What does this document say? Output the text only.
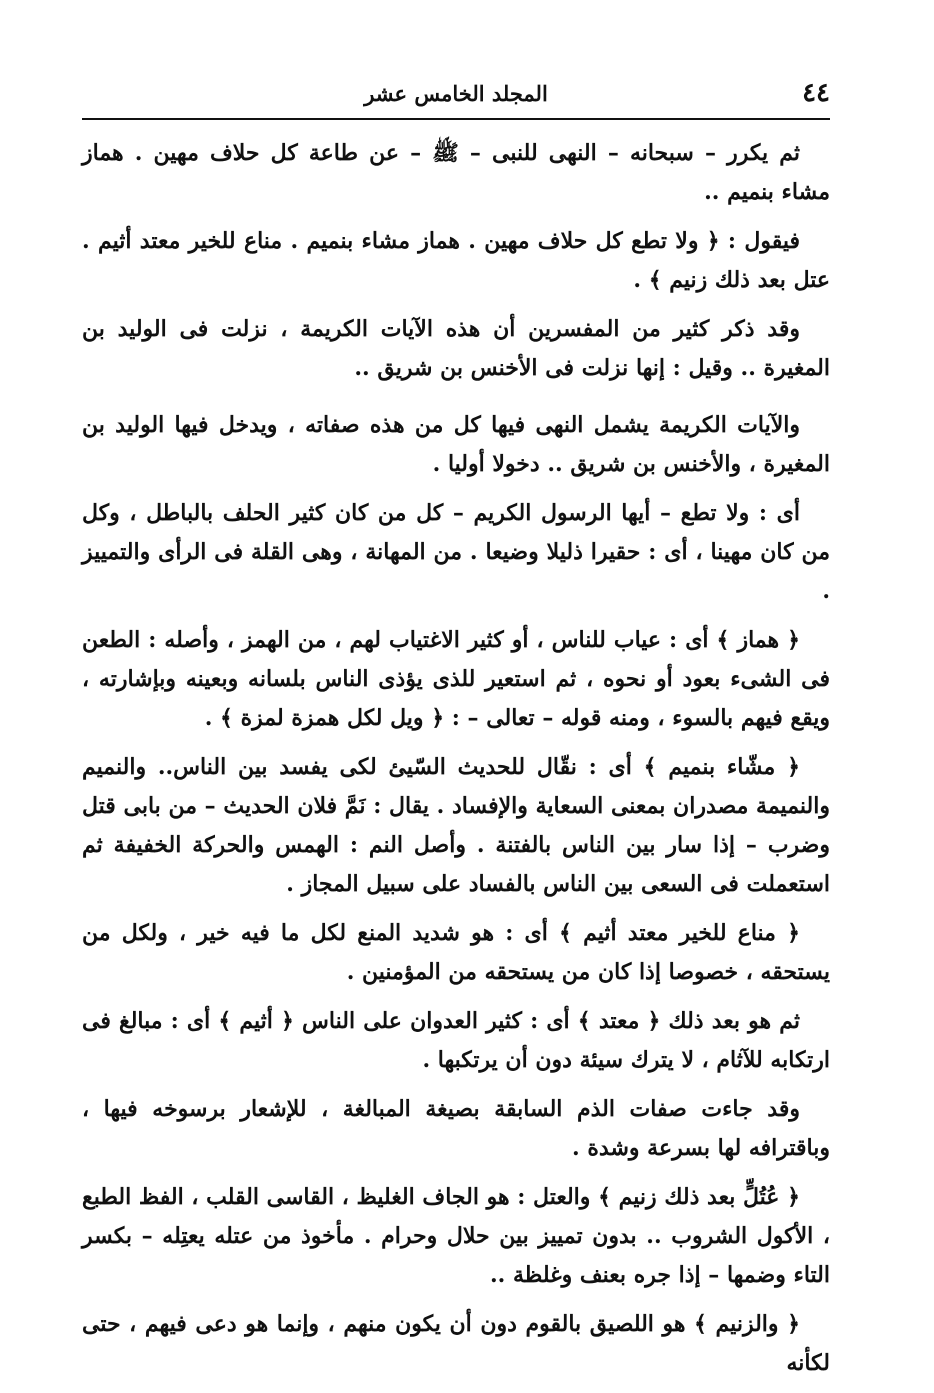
٤٤
المجلد الخامس عشر

ثم يكرر – سبحانه – النهى للنبى – ﷺ – عن طاعة كل حلاف مهين . هماز مشاء بنميم ..

فيقول : ﴿ ولا تطع كل حلاف مهين . هماز مشاء بنميم . مناع للخير معتد أثيم . عتل بعد ذلك زنيم ﴾ .

وقد ذكر كثير من المفسرين أن هذه الآيات الكريمة ، نزلت فى الوليد بن المغيرة .. وقيل : إنها نزلت فى الأخنس بن شريق ..

والآيات الكريمة يشمل النهى فيها كل من هذه صفاته ، ويدخل فيها الوليد بن المغيرة ، والأخنس بن شريق .. دخولا أوليا .

أى : ولا تطع – أيها الرسول الكريم – كل من كان كثير الحلف بالباطل ، وكل من كان مهينا ، أى : حقيرا ذليلا وضيعا . من المهانة ، وهى القلة فى الرأى والتمييز .

﴿ هماز ﴾ أى : عياب للناس ، أو كثير الاغتياب لهم ، من الهمز ، وأصله : الطعن فى الشىء بعود أو نحوه ، ثم استعير للذى يؤذى الناس بلسانه وبعينه وبإشارته ، ويقع فيهم بالسوء ، ومنه قوله – تعالى – : ﴿ ويل لكل همزة لمزة ﴾ .

﴿ مشّاء بنميم ﴾ أى : نقّال للحديث السّيئ لكى يفسد بين الناس.. والنميم والنميمة مصدران بمعنى السعاية والإفساد . يقال : نَمَّ فلان الحديث – من بابى قتل وضرب – إذا سار بين الناس بالفتنة . وأصل النم : الهمس والحركة الخفيفة ثم استعملت فى السعى بين الناس بالفساد على سبيل المجاز .

﴿ مناع للخير معتد أثيم ﴾ أى : هو شديد المنع لكل ما فيه خير ، ولكل من يستحقه ، خصوصا إذا كان من يستحقه من المؤمنين .

ثم هو بعد ذلك ﴿ معتد ﴾ أى : كثير العدوان على الناس ﴿ أثيم ﴾ أى : مبالغ فى ارتكابه للآثام ، لا يترك سيئة دون أن يرتكبها .

وقد جاءت صفات الذم السابقة بصيغة المبالغة ، للإشعار برسوخه فيها ، وباقترافه لها بسرعة وشدة .

﴿ عُتُلٍّ بعد ذلك زنيم ﴾ والعتل : هو الجاف الغليظ ، القاسى القلب ، الفظ الطبع ، الأكول الشروب .. بدون تمييز بين حلال وحرام . مأخوذ من عتله يعتِله – بكسر التاء وضمها – إذا جره بعنف وغلظة ..

﴿ والزنيم ﴾ هو اللصيق بالقوم دون أن يكون منهم ، وإنما هو دعى فيهم ، حتى لكأنه
